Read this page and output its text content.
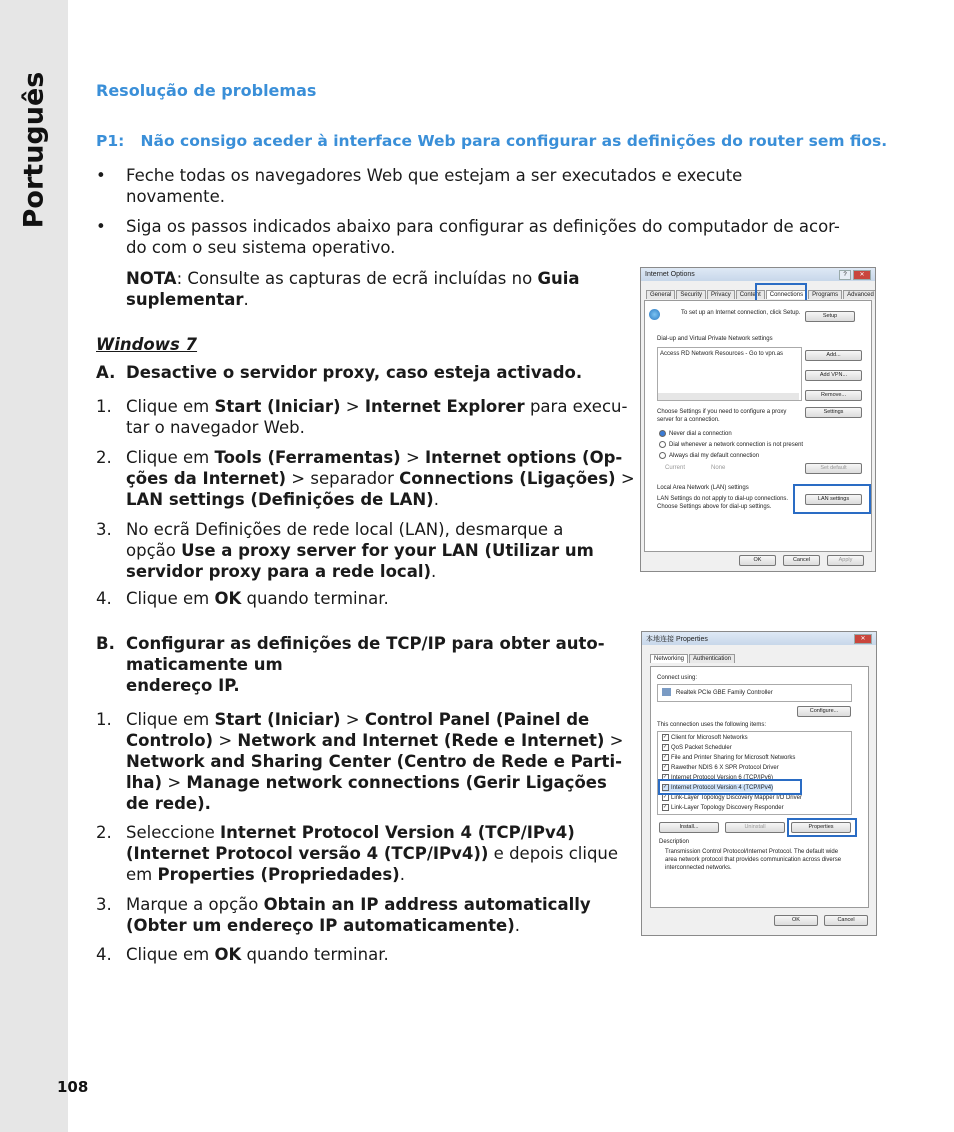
Português
108
Resolução de problemas
P1: Não consigo aceder à interface Web para configurar as definições do router sem fios.
• Feche todas os navegadores Web que estejam a ser executados e execute novamente.
• Siga os passos indicados abaixo para configurar as definições do computador de acor-
do com o seu sistema operativo.
NOTA: Consulte as capturas de ecrã incluídas no Guia
suplementar.
Windows 7
A. Desactive o servidor proxy, caso esteja activado.
1. Clique em Start (Iniciar) > Internet Explorer para execu-
tar o navegador Web.
2. Clique em Tools (Ferramentas) > Internet options (Op-
ções da Internet) > separador Connections (Ligações) >
LAN settings (Definições de LAN).
3. No ecrã Definições de rede local (LAN), desmarque a
opção Use a proxy server for your LAN (Utilizar um
servidor proxy para a rede local).
4. Clique em OK quando terminar.
B. Configurar as definições de TCP/IP para obter auto-
maticamente um
endereço IP.
1. Clique em Start (Iniciar) > Control Panel (Painel de
Controlo) > Network and Internet (Rede e Internet) >
Network and Sharing Center (Centro de Rede e Parti-
lha) > Manage network connections (Gerir Ligações
de rede).
2. Seleccione Internet Protocol Version 4 (TCP/IPv4)
(Internet Protocol versão 4 (TCP/IPv4)) e depois clique
em Properties (Propriedades).
3. Marque a opção Obtain an IP address automatically
(Obter um endereço IP automaticamente).
4. Clique em OK quando terminar.
Internet Options	?	✕
General	Security	Privacy	Content	Connections	Programs	Advanced
To set up an Internet connection, click Setup.	Setup
Dial-up and Virtual Private Network settings
Access RD Network Resources - Go to vpn.as	Add...
Add VPN...
Remove...
Choose Settings if you need to configure a proxy server for a connection.
Settings
Never dial a connection
Dial whenever a network connection is not present
Always dial my default connection
Current	None	Set default
Local Area Network (LAN) settings
LAN Settings do not apply to dial-up connections. Choose Settings above for dial-up settings.
LAN settings
OK	Cancel	Apply
本地连接 Properties	✕
Networking	Authentication
Connect using:
Realtek PCIe GBE Family Controller
Configure...
This connection uses the following items:
✓ Client for Microsoft Networks
✓ QoS Packet Scheduler
✓ File and Printer Sharing for Microsoft Networks
✓ Rawether NDIS 6 X SPR Protocol Driver
✓ Internet Protocol Version 6 (TCP/IPv6)
✓ Internet Protocol Version 4 (TCP/IPv4)
✓ Link-Layer Topology Discovery Mapper I/O Driver
✓ Link-Layer Topology Discovery Responder
Install...	Uninstall	Properties
Description
Transmission Control Protocol/Internet Protocol. The default wide area network protocol that provides communication across diverse interconnected networks.
OK	Cancel
